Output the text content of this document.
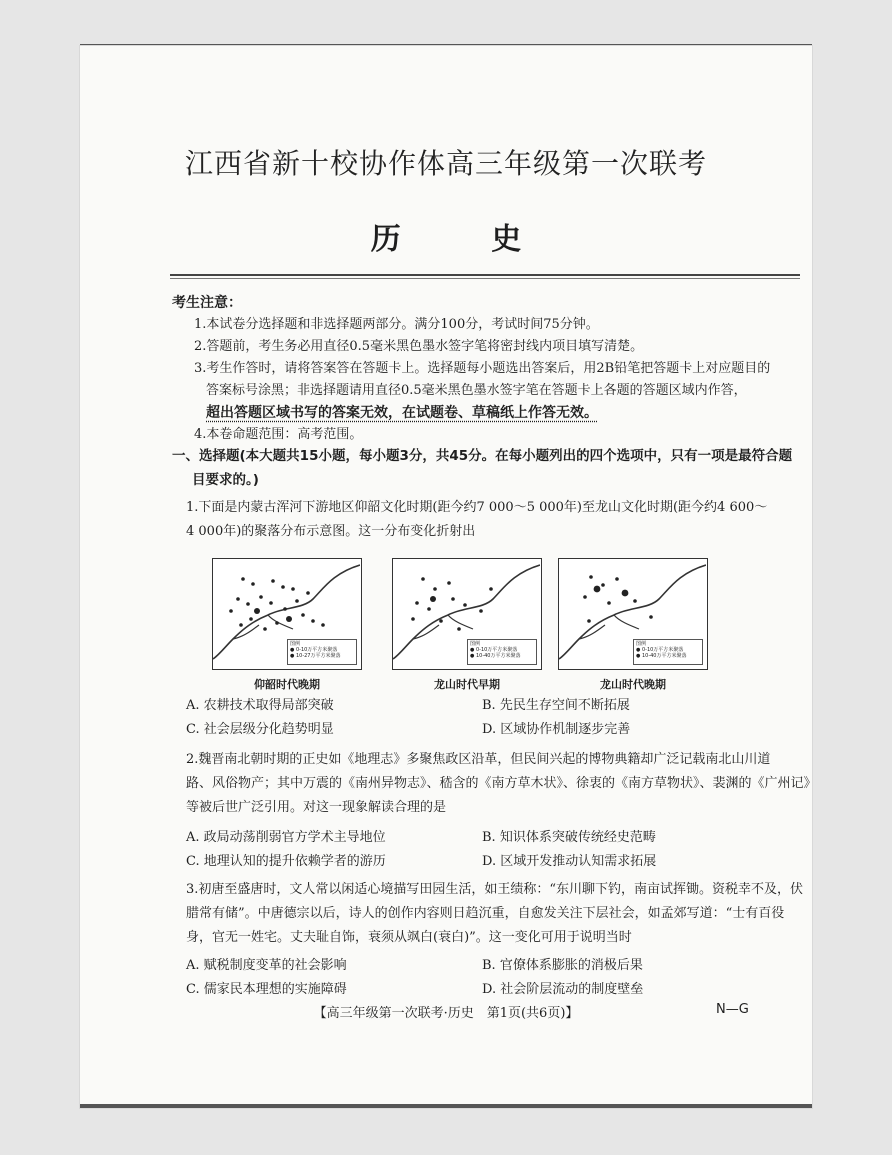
江西省新十校协作体高三年级第一次联考
历 史
考生注意：
1.本试卷分选择题和非选择题两部分。满分100分，考试时间75分钟。
2.答题前，考生务必用直径0.5毫米黑色墨水签字笔将密封线内项目填写清楚。
3.考生作答时，请将答案答在答题卡上。选择题每小题选出答案后，用2B铅笔把答题卡上对应题目的
答案标号涂黑；非选择题请用直径0.5毫米黑色墨水签字笔在答题卡上各题的答题区域内作答，
超出答题区域书写的答案无效，在试题卷、草稿纸上作答无效。
4.本卷命题范围：高考范围。
一、选择题(本大题共15小题，每小题3分，共45分。在每小题列出的四个选项中，只有一项是最符合题
目要求的。)
1.下面是内蒙古浑河下游地区仰韶文化时期(距今约7 000～5 000年)至龙山文化时期(距今约4 600～
4 000年)的聚落分布示意图。这一分布变化折射出
图例
● 0-10万平方米聚落
● 10-27万平方米聚落
仰韶时代晚期
图例
● 0-10万平方米聚落
● 10-40万平方米聚落
龙山时代早期
图例
● 0-10万平方米聚落
● 10-40万平方米聚落
龙山时代晚期
A. 农耕技术取得局部突破	B. 先民生存空间不断拓展
C. 社会层级分化趋势明显	D. 区域协作机制逐步完善
2.魏晋南北朝时期的正史如《地理志》多聚焦政区沿革，但民间兴起的博物典籍却广泛记载南北山川道
路、风俗物产；其中万震的《南州异物志》、嵇含的《南方草木状》、徐衷的《南方草物状》、裴渊的《广州记》
等被后世广泛引用。对这一现象解读合理的是
A. 政局动荡削弱官方学术主导地位	B. 知识体系突破传统经史范畴
C. 地理认知的提升依赖学者的游历	D. 区域开发推动认知需求拓展
3.初唐至盛唐时，文人常以闲适心境描写田园生活，如王绩称：“东川聊下钓，南亩试挥锄。资税幸不及，伏
腊常有储”。中唐德宗以后，诗人的创作内容则日趋沉重，自愈发关注下层社会，如孟郊写道：“士有百役
身，官无一姓宅。丈夫耻自饰，衰须从飒白(衰白)”。这一变化可用于说明当时
A. 赋税制度变革的社会影响	B. 官僚体系膨胀的消极后果
C. 儒家民本理想的实施障碍	D. 社会阶层流动的制度壁垒
【高三年级第一次联考·历史　第1页(共6页)】	N—G
